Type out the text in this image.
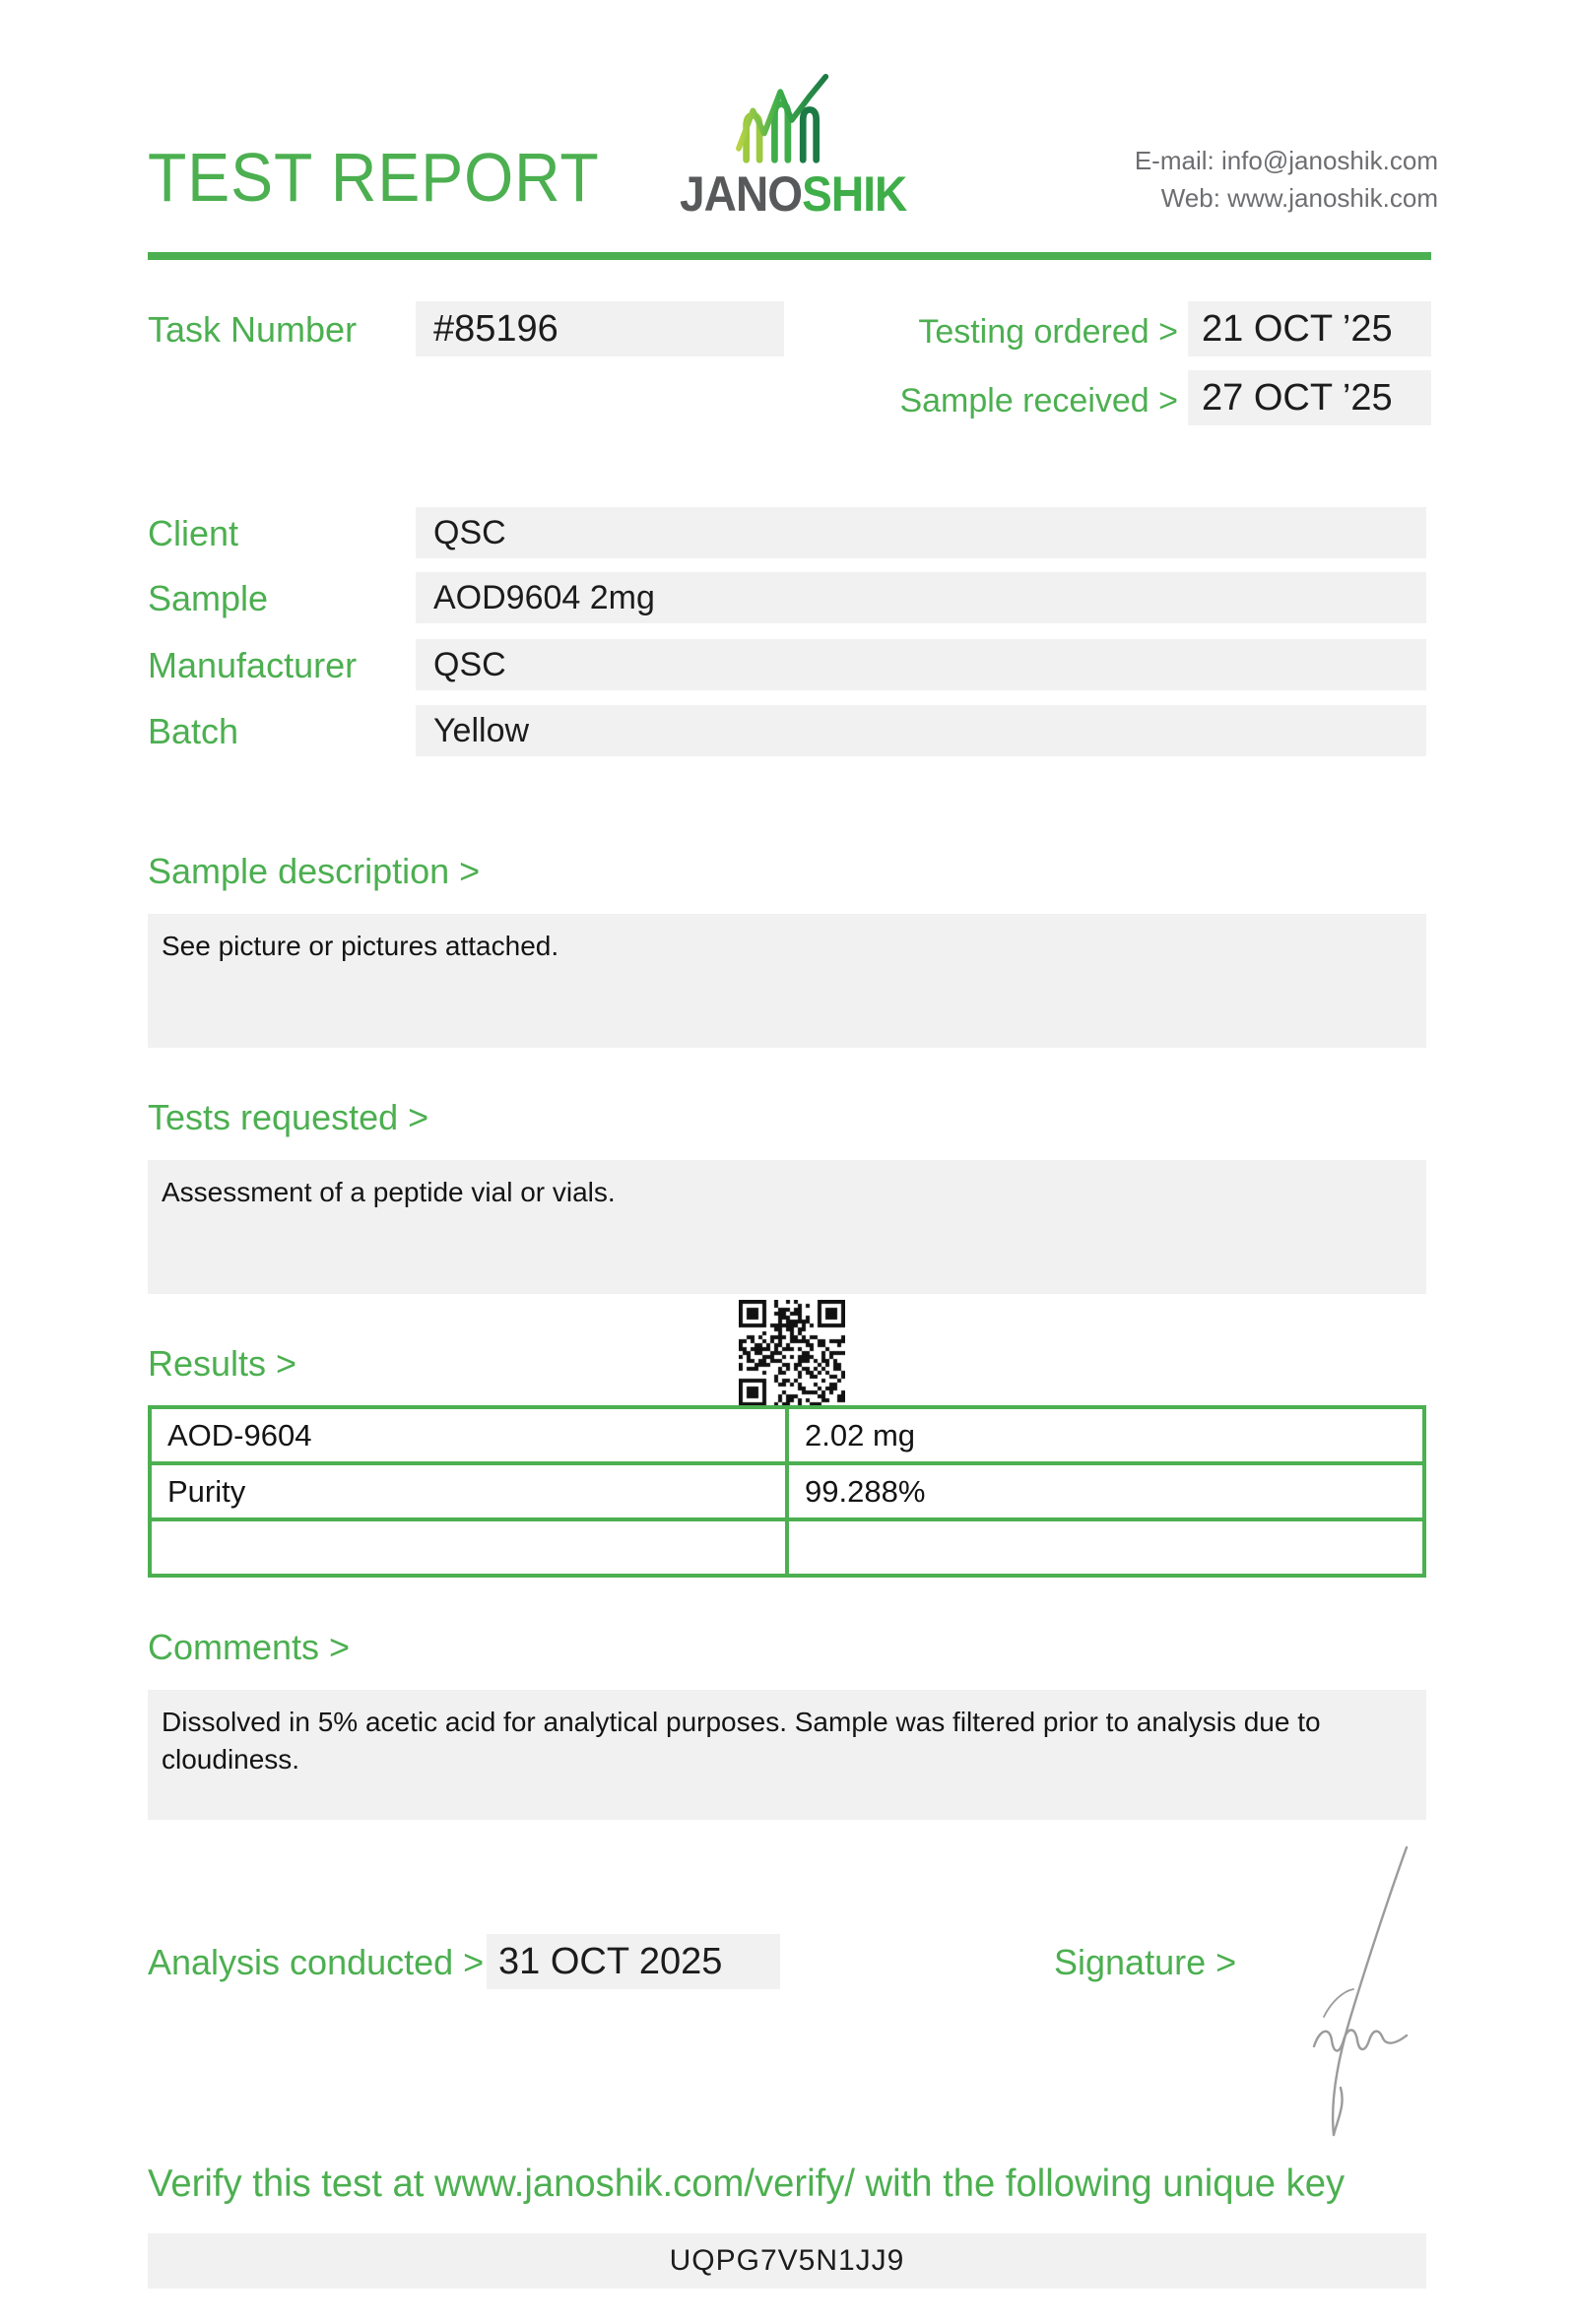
TEST REPORT JANOSHIK
E-mail: info@janoshik.com
Web: www.janoshik.com
Task Number	#85196	Testing ordered > 21 OCT ’25
Sample received > 27 OCT ’25
Client	QSC
Sample	AOD9604 2mg
Manufacturer	QSC
Batch	Yellow
Sample description >
See picture or pictures attached.
Tests requested >
Assessment of a peptide vial or vials.
Results >
AOD-9604	2.02 mg
Purity	99.288%

Comments >
Dissolved in 5% acetic acid for analytical purposes. Sample was filtered prior to analysis due to cloudiness.
Analysis conducted > 31 OCT 2025	Signature >
Verify this test at www.janoshik.com/verify/ with the following unique key
UQPG7V5N1JJ9
